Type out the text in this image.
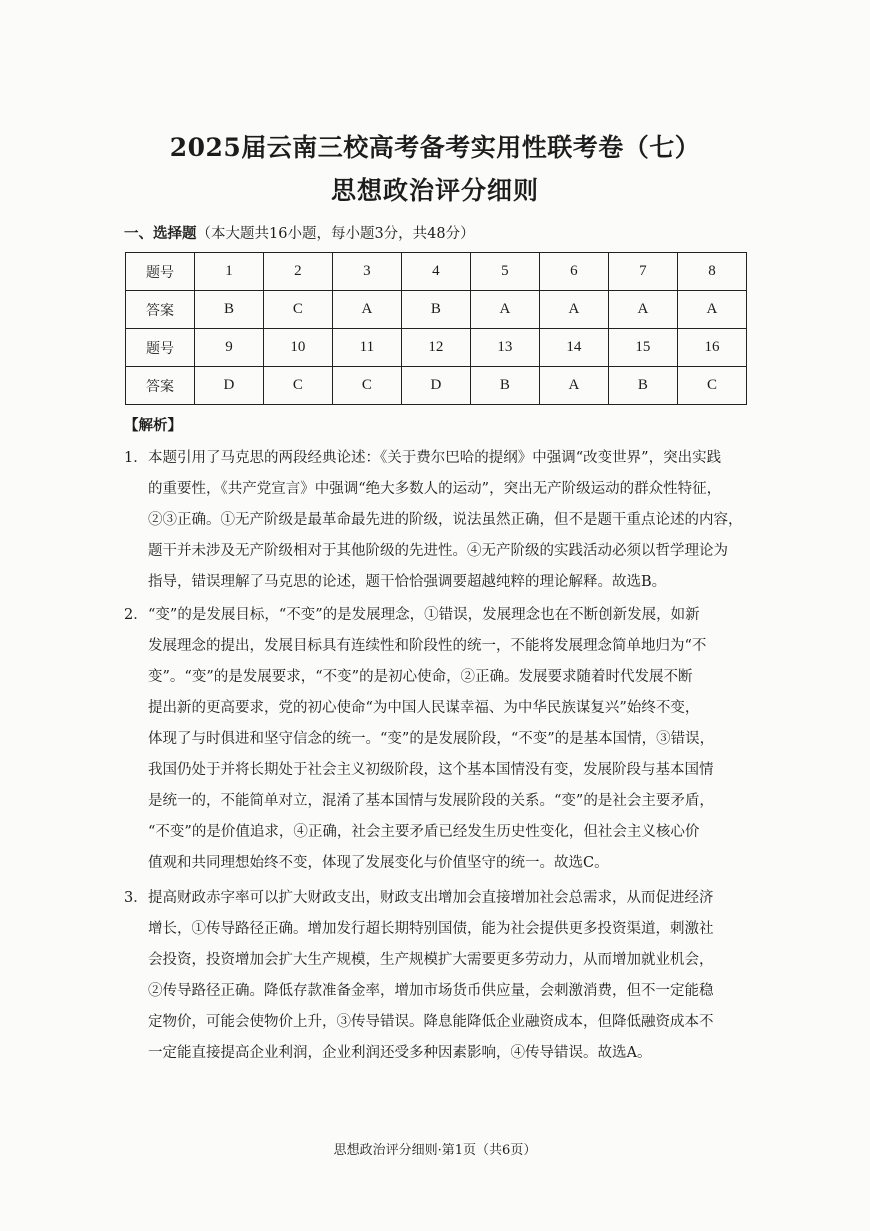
2025届云南三校高考备考实用性联考卷（七）
思想政治评分细则
一、选择题（本大题共16小题，每小题3分，共48分）
题号	1	2	3	4	5	6	7	8
答案	B	C	A	B	A	A	A	A
题号	9	10	11	12	13	14	15	16
答案	D	C	C	D	B	A	B	C
【解析】
1． 本题引用了马克思的两段经典论述：《关于费尔巴哈的提纲》中强调“改变世界”，突出实践
的重要性，《共产党宣言》中强调“绝大多数人的运动”，突出无产阶级运动的群众性特征，
②③正确。①无产阶级是最革命最先进的阶级，说法虽然正确，但不是题干重点论述的内容，
题干并未涉及无产阶级相对于其他阶级的先进性。④无产阶级的实践活动必须以哲学理论为
指导，错误理解了马克思的论述，题干恰恰强调要超越纯粹的理论解释。故选B。
2． “变”的是发展目标，“不变”的是发展理念，①错误，发展理念也在不断创新发展，如新
发展理念的提出，发展目标具有连续性和阶段性的统一，不能将发展理念简单地归为“不
变”。“变”的是发展要求，“不变”的是初心使命，②正确。发展要求随着时代发展不断
提出新的更高要求，党的初心使命“为中国人民谋幸福、为中华民族谋复兴”始终不变，
体现了与时俱进和坚守信念的统一。“变”的是发展阶段，“不变”的是基本国情，③错误，
我国仍处于并将长期处于社会主义初级阶段，这个基本国情没有变，发展阶段与基本国情
是统一的，不能简单对立，混淆了基本国情与发展阶段的关系。“变”的是社会主要矛盾，
“不变”的是价值追求，④正确，社会主要矛盾已经发生历史性变化，但社会主义核心价
值观和共同理想始终不变，体现了发展变化与价值坚守的统一。故选C。
3． 提高财政赤字率可以扩大财政支出，财政支出增加会直接增加社会总需求，从而促进经济
增长，①传导路径正确。增加发行超长期特别国债，能为社会提供更多投资渠道，刺激社
会投资，投资增加会扩大生产规模，生产规模扩大需要更多劳动力，从而增加就业机会，
②传导路径正确。降低存款准备金率，增加市场货币供应量，会刺激消费，但不一定能稳
定物价，可能会使物价上升，③传导错误。降息能降低企业融资成本，但降低融资成本不
一定能直接提高企业利润，企业利润还受多种因素影响，④传导错误。故选A。
思想政治评分细则·第1页（共6页）
